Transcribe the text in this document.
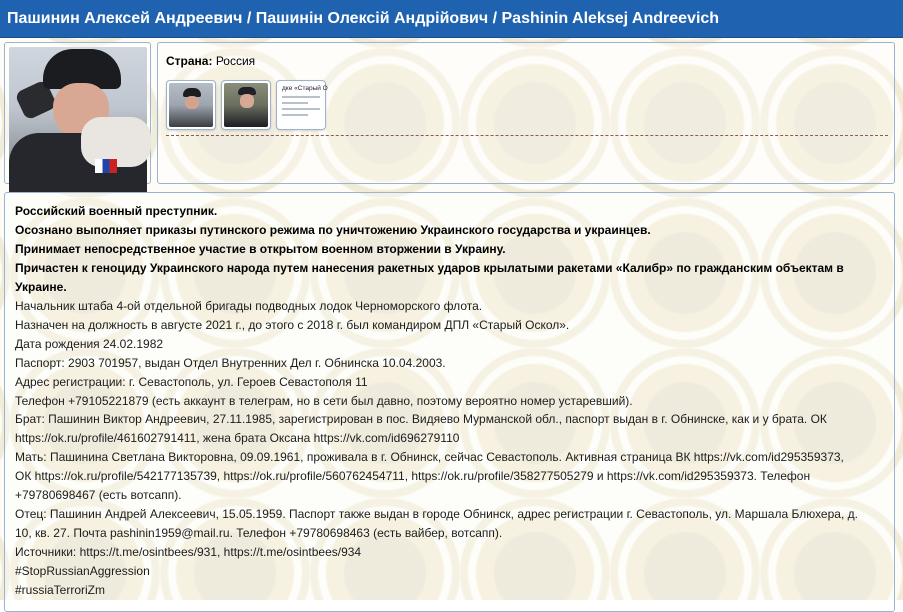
Пашинин Алексей Андреевич / Пашинін Олексій Андрійович / Pashinin Aleksej Andreevich
Страна: Россия
дке «Старый О
Российский военный преступник.
Осознано выполняет приказы путинского режима по уничтожению Украинского государства и украинцев.
Принимает непосредственное участие в открытом военном вторжении в Украину.
Причастен к геноциду Украинского народа путем нанесения ракетных ударов крылатыми ракетами «Калибр» по гражданским объектам в
Украине.
Начальник штаба 4-ой отдельной бригады подводных лодок Черноморского флота.
Назначен на должность в августе 2021 г., до этого с 2018 г. был командиром ДПЛ «Старый Оскол».
Дата рождения 24.02.1982
Паспорт: 2903 701957, выдан Отдел Внутренних Дел г. Обнинска 10.04.2003.
Адрес регистрации: г. Севастополь, ул. Героев Севастополя 11
Телефон +79105221879 (есть аккаунт в телеграм, но в сети был давно, поэтому вероятно номер устаревший).
Брат: Пашинин Виктор Андреевич, 27.11.1985, зарегистрирован в пос. Видяево Мурманской обл., паспорт выдан в г. Обнинске, как и у брата. ОК
https://ok.ru/profile/461602791411, жена брата Оксана https://vk.com/id696279110
Мать: Пашинина Светлана Викторовна, 09.09.1961, проживала в г. Обнинск, сейчас Севастополь. Активная страница ВК https://vk.com/id295359373,
ОК https://ok.ru/profile/542177135739, https://ok.ru/profile/560762454711, https://ok.ru/profile/358277505279 и https://vk.com/id295359373. Телефон
+79780698467 (есть вотсапп).
Отец: Пашинин Андрей Алексеевич, 15.05.1959. Паспорт также выдан в городе Обнинск, адрес регистрации г. Севастополь, ул. Маршала Блюхера, д.
10, кв. 27. Почта pashinin1959@mail.ru. Телефон +79780698463 (есть вайбер, вотсапп).
Источники: https://t.me/osintbees/931, https://t.me/osintbees/934
#StopRussianAggression
#russiaTerroriZm
